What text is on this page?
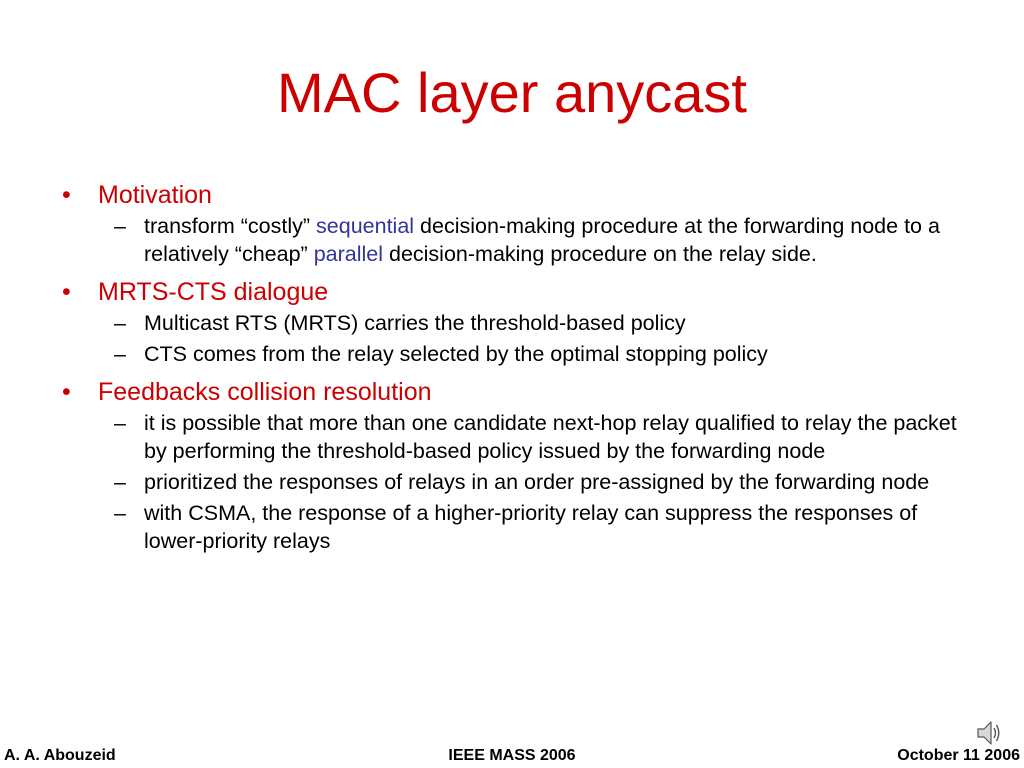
MAC layer anycast
•	Motivation
– transform “costly” sequential decision-making procedure at the forwarding node to a relatively “cheap” parallel decision-making procedure on the relay side.
•	MRTS-CTS dialogue
– Multicast RTS (MRTS) carries the threshold-based policy
– CTS comes from the relay selected by the optimal stopping policy
•	Feedbacks collision resolution
– it is possible that more than one candidate next-hop relay qualified to relay the packet by performing the threshold-based policy issued by the forwarding node
– prioritized the responses of relays in an order pre-assigned by the forwarding node
– with CSMA, the response of a higher-priority relay can suppress the responses of lower-priority relays
A. A. Abouzeid	IEEE MASS 2006	October 11 2006
